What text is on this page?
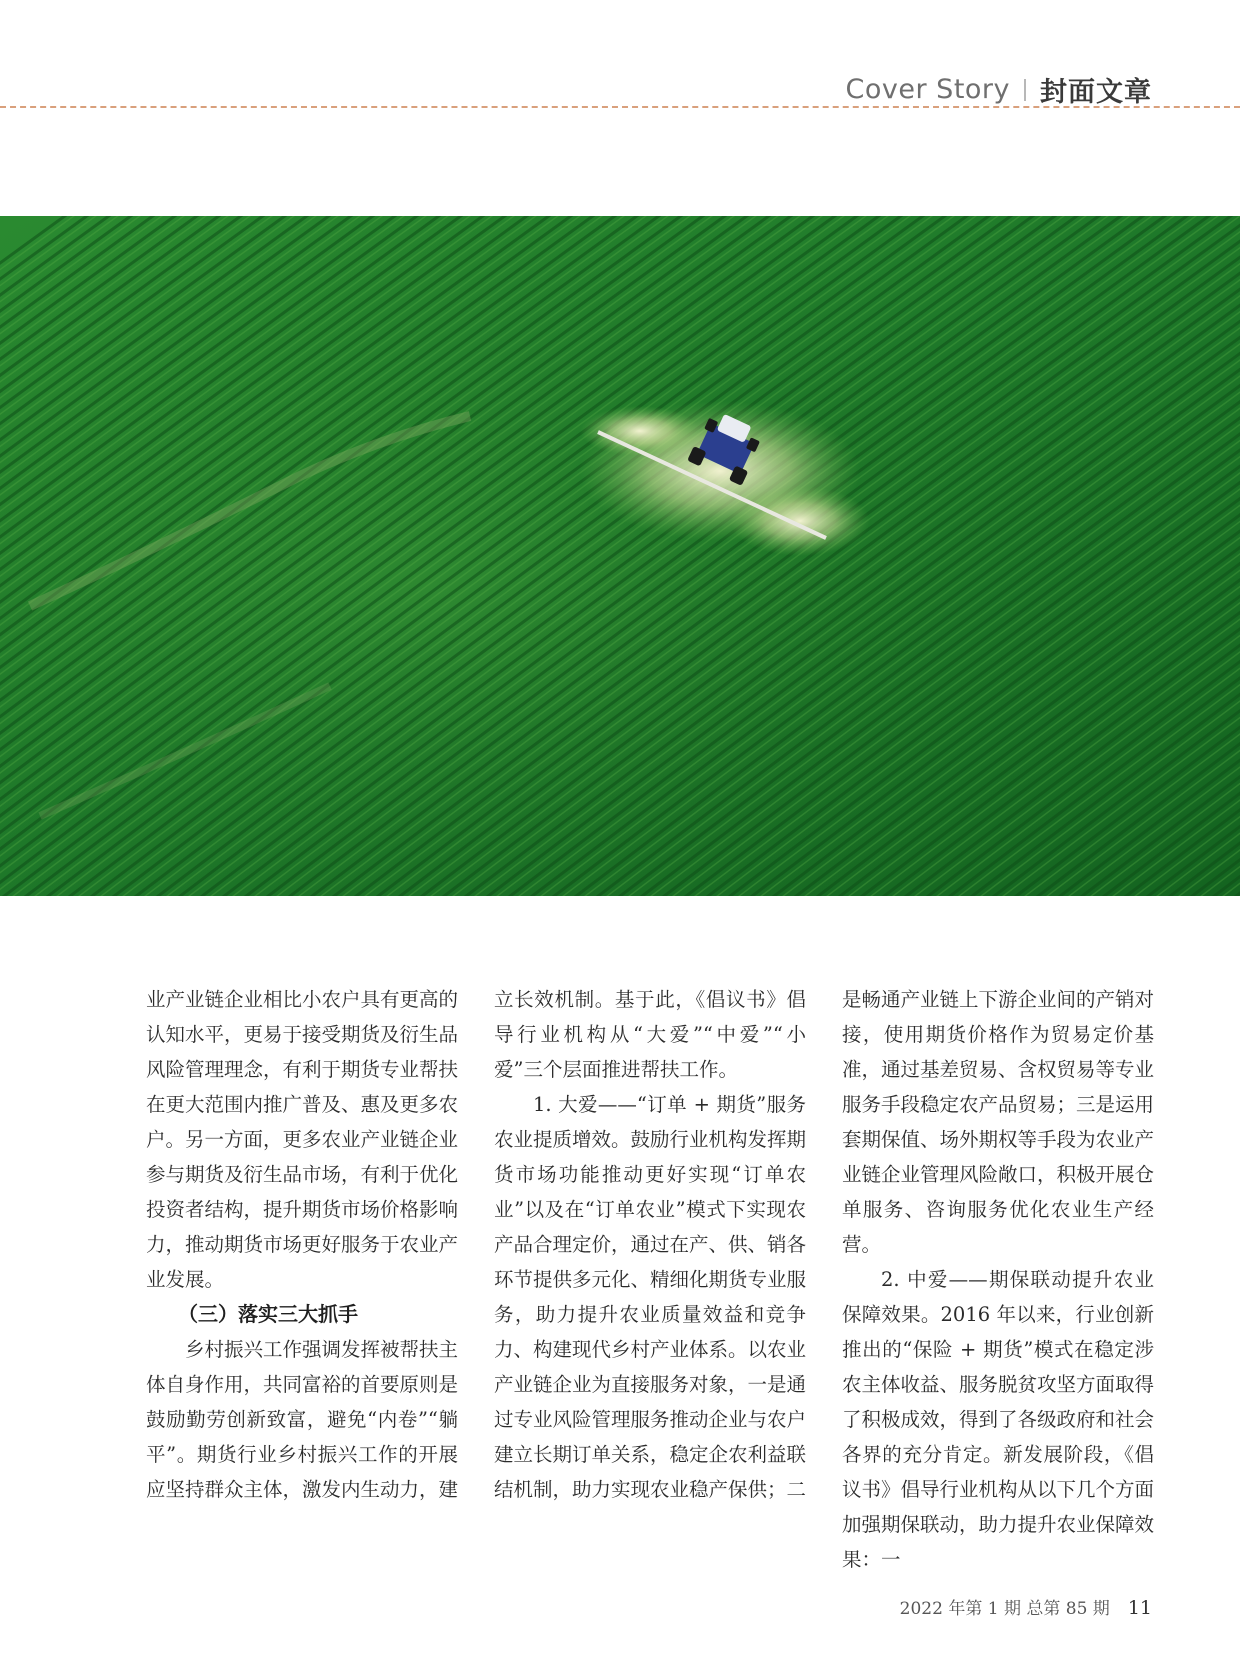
Cover Story 封面文章

业产业链企业相比小农户具有更高的认知水平，更易于接受期货及衍生品风险管理理念，有利于期货专业帮扶在更大范围内推广普及、惠及更多农户。另一方面，更多农业产业链企业参与期货及衍生品市场，有利于优化投资者结构，提升期货市场价格影响力，推动期货市场更好服务于农业产业发展。

（三）落实三大抓手

乡村振兴工作强调发挥被帮扶主体自身作用，共同富裕的首要原则是鼓励勤劳创新致富，避免“内卷”“躺平”。期货行业乡村振兴工作的开展应坚持群众主体，激发内生动力，建

立长效机制。基于此，《倡议书》倡导行业机构从“大爱”“中爱”“小爱”三个层面推进帮扶工作。

1. 大爱——“订单 + 期货”服务农业提质增效。鼓励行业机构发挥期货市场功能推动更好实现“订单农业”以及在“订单农业”模式下实现农产品合理定价，通过在产、供、销各环节提供多元化、精细化期货专业服务，助力提升农业质量效益和竞争力、构建现代乡村产业体系。以农业产业链企业为直接服务对象，一是通过专业风险管理服务推动企业与农户建立长期订单关系，稳定企农利益联结机制，助力实现农业稳产保供；二

是畅通产业链上下游企业间的产销对接，使用期货价格作为贸易定价基准，通过基差贸易、含权贸易等专业服务手段稳定农产品贸易；三是运用套期保值、场外期权等手段为农业产业链企业管理风险敞口，积极开展仓单服务、咨询服务优化农业生产经营。

2. 中爱——期保联动提升农业保障效果。2016 年以来，行业创新推出的“保险 + 期货”模式在稳定涉农主体收益、服务脱贫攻坚方面取得了积极成效，得到了各级政府和社会各界的充分肯定。新发展阶段，《倡议书》倡导行业机构从以下几个方面加强期保联动，助力提升农业保障效果：一

2022 年第 1 期 总第 85 期 11
